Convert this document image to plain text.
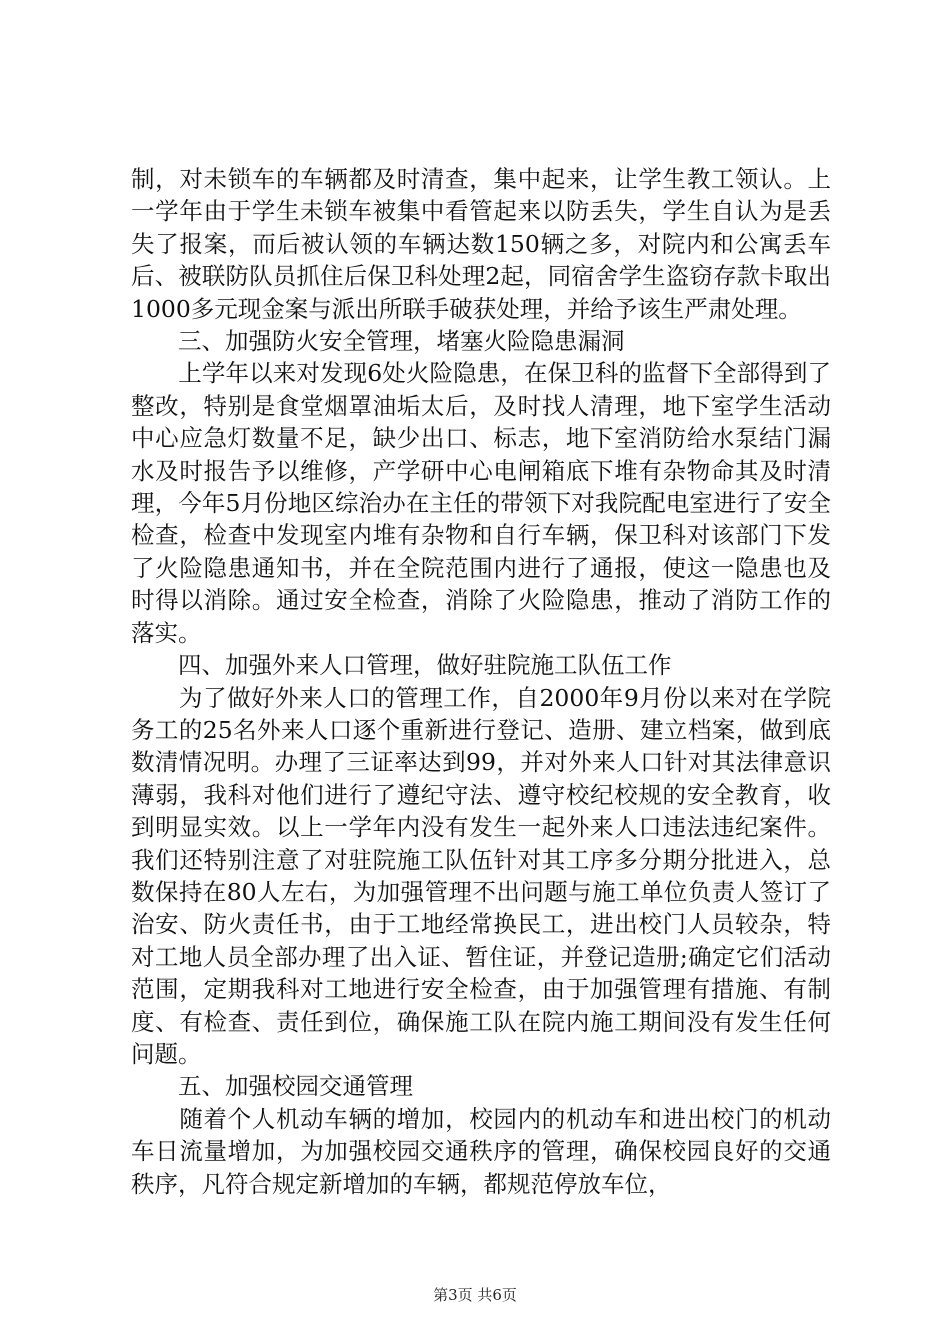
制，对未锁车的车辆都及时清查，集中起来，让学生教工领认。上一学年由于学生未锁车被集中看管起来以防丢失，学生自认为是丢失了报案，而后被认领的车辆达数150辆之多，对院内和公寓丢车后、被联防队员抓住后保卫科处理2起，同宿舍学生盗窃存款卡取出1000多元现金案与派出所联手破获处理，并给予该生严肃处理。

　　三、加强防火安全管理，堵塞火险隐患漏洞

　　上学年以来对发现6处火险隐患，在保卫科的监督下全部得到了整改，特别是食堂烟罩油垢太后，及时找人清理，地下室学生活动中心应急灯数量不足，缺少出口、标志，地下室消防给水泵结门漏水及时报告予以维修，产学研中心电闸箱底下堆有杂物命其及时清理，今年5月份地区综治办在主任的带领下对我院配电室进行了安全检查，检查中发现室内堆有杂物和自行车辆，保卫科对该部门下发了火险隐患通知书，并在全院范围内进行了通报，使这一隐患也及时得以消除。通过安全检查，消除了火险隐患，推动了消防工作的落实。

　　四、加强外来人口管理，做好驻院施工队伍工作

　　为了做好外来人口的管理工作，自2000年9月份以来对在学院务工的25名外来人口逐个重新进行登记、造册、建立档案，做到底数清情况明。办理了三证率达到99，并对外来人口针对其法律意识薄弱，我科对他们进行了遵纪守法、遵守校纪校规的安全教育，收到明显实效。以上一学年内没有发生一起外来人口违法违纪案件。我们还特别注意了对驻院施工队伍针对其工序多分期分批进入，总数保持在80人左右，为加强管理不出问题与施工单位负责人签订了治安、防火责任书，由于工地经常换民工，进出校门人员较杂，特对工地人员全部办理了出入证、暂住证，并登记造册;确定它们活动范围，定期我科对工地进行安全检查，由于加强管理有措施、有制度、有检查、责任到位，确保施工队在院内施工期间没有发生任何问题。

　　五、加强校园交通管理

　　随着个人机动车辆的增加，校园内的机动车和进出校门的机动车日流量增加，为加强校园交通秩序的管理，确保校园良好的交通秩序，凡符合规定新增加的车辆，都规范停放车位，

第3页 共6页
